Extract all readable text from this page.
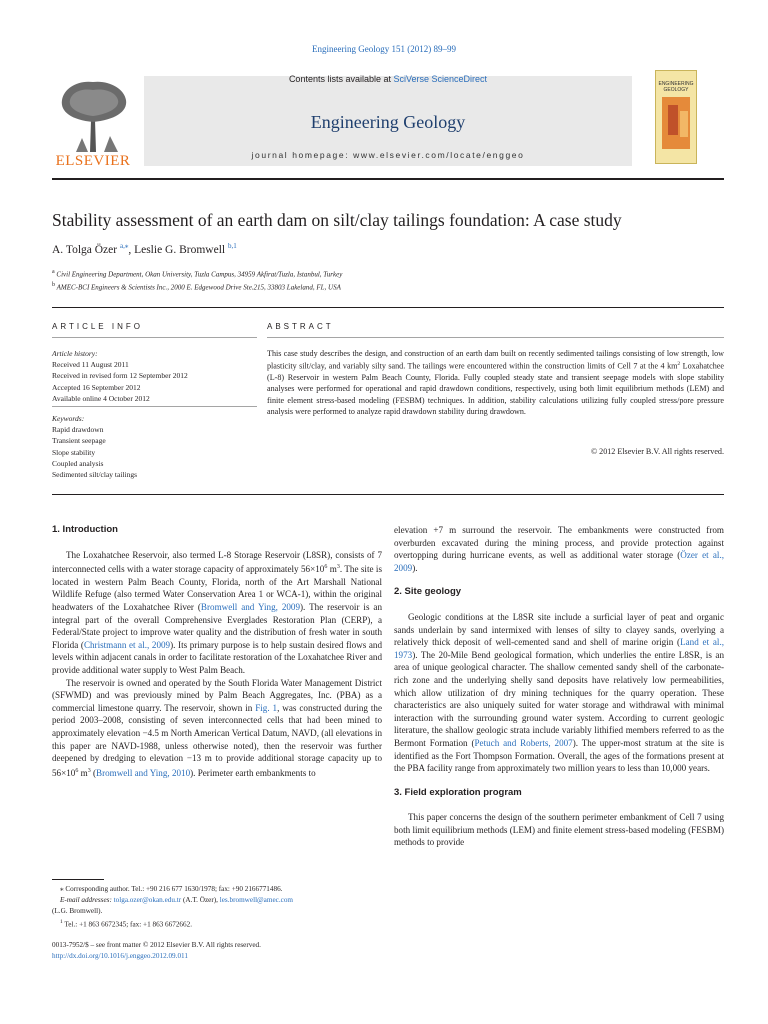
Engineering Geology 151 (2012) 89–99
ELSEVIER
Contents lists available at SciVerse ScienceDirect
Engineering Geology
journal homepage: www.elsevier.com/locate/enggeo
ENGINEERING GEOLOGY
Stability assessment of an earth dam on silt/clay tailings foundation: A case study
A. Tolga Özer $^{a,⁎}$, Leslie G. Bromwell $^{b,1}$
$^a$ Civil Engineering Department, Okan University, Tuzla Campus, 34959 Akfirat/Tuzla, Istanbul, Turkey
$^b$ AMEC-BCI Engineers & Scientists Inc., 2000 E. Edgewood Drive Ste.215, 33803 Lakeland, FL, USA
ARTICLE INFO	ABSTRACT
Article history:
Received 11 August 2011
Received in revised form 12 September 2012
Accepted 16 September 2012
Available online 4 October 2012
Keywords:
Rapid drawdown
Transient seepage
Slope stability
Coupled analysis
Sedimented silt/clay tailings
This case study describes the design, and construction of an earth dam built on recently sedimented tailings consisting of low strength, low plasticity silt/clay, and variably silty sand. The tailings were encountered within the construction limits of Cell 7 at the 4 $km^2$ Loxahatchee (L-8) Reservoir in western Palm Beach County, Florida. Fully coupled steady state and transient seepage models with slope stability analyses were performed for operational and rapid drawdown conditions, respectively, using both limit equilibrium methods (LEM) and finite element stress-based modeling (FESBM) techniques. In addition, stability calculations utilizing fully coupled stress/pore pressure analysis were performed to analyze rapid drawdown stability during drawdown.
© 2012 Elsevier B.V. All rights reserved.
1. Introduction

The Loxahatchee Reservoir, also termed L-8 Storage Reservoir (L8SR), consists of 7 interconnected cells with a water storage capacity of approximately $56\times 10^6$ $m^3$. The site is located in western Palm Beach County, Florida, north of the Art Marshall National Wildlife Refuge (also termed Water Conservation Area 1 or WCA-1), within the original headwaters of the Loxahatchee River (Bromwell and Ying, 2009). The reservoir is an integral part of the overall Comprehensive Everglades Restoration Plan (CERP), a Federal/State project to improve water quality and the distribution of fresh water in south Florida (Christmann et al., 2009). Its primary purpose is to help sustain desired flows and levels within adjacent canals in order to facilitate restoration of the Loxahatchee River and provide additional water supply to West Palm Beach.

The reservoir is owned and operated by the South Florida Water Management District (SFWMD) and was previously mined by Palm Beach Aggregates, Inc. (PBA) as a commercial limestone quarry. The reservoir, shown in Fig. 1, was constructed during the period 2003–2008, consisting of seven interconnected cells that had been mined to approximately elevation −4.5 m North American Vertical Datum, NAVD, (all elevations in this paper are NAVD-1988, unless otherwise noted), then the reservoir was further deepened by dredging to elevation −13 m to provide additional storage capacity up to $56\times 10^6$ $m^3$ (Bromwell and Ying, 2010). Perimeter earth embankments to

elevation +7 m surround the reservoir. The embankments were constructed from overburden excavated during the mining process, and provide protection against overtopping during hurricane events, as well as additional water storage (Özer et al., 2009).

2. Site geology

Geologic conditions at the L8SR site include a surficial layer of peat and organic sands underlain by sand intermixed with lenses of silty to clayey sands, overlying a relatively thick deposit of well-cemented sand and shell of marine origin (Land et al., 1973). The 20-Mile Bend geological formation, which underlies the entire L8SR, is an area of unique geological character. The shallow cemented sandy shell of the carbonate-rich zone and the underlying shelly sand deposits have relatively low permeabilities, which allow utilization of dry mining techniques for the quarry operation. These characteristics are also uniquely suited for water storage and withdrawal with minimal interaction with the surrounding ground water system. According to current geologic literature, the shallow geologic strata include variably lithified members referred to as the Bermont Formation (Petuch and Roberts, 2007). The upper-most stratum at the site is identified as the Fort Thompson Formation. Overall, the ages of the formations present at the PBA facility range from approximately two million years to less than 10,000 years.

3. Field exploration program

This paper concerns the design of the southern perimeter embankment of Cell 7 using both limit equilibrium methods (LEM) and finite element stress-based modeling (FESBM) methods to provide

⁎ Corresponding author. Tel.: +90 216 677 1630/1978; fax: +90 2166771486.
E-mail addresses: tolga.ozer@okan.edu.tr (A.T. Özer), les.bromwell@amec.com
(L.G. Bromwell).
$^1$ Tel.: +1 863 6672345; fax: +1 863 6672662.
0013-7952/$ – see front matter © 2012 Elsevier B.V. All rights reserved.
http://dx.doi.org/10.1016/j.enggeo.2012.09.011
